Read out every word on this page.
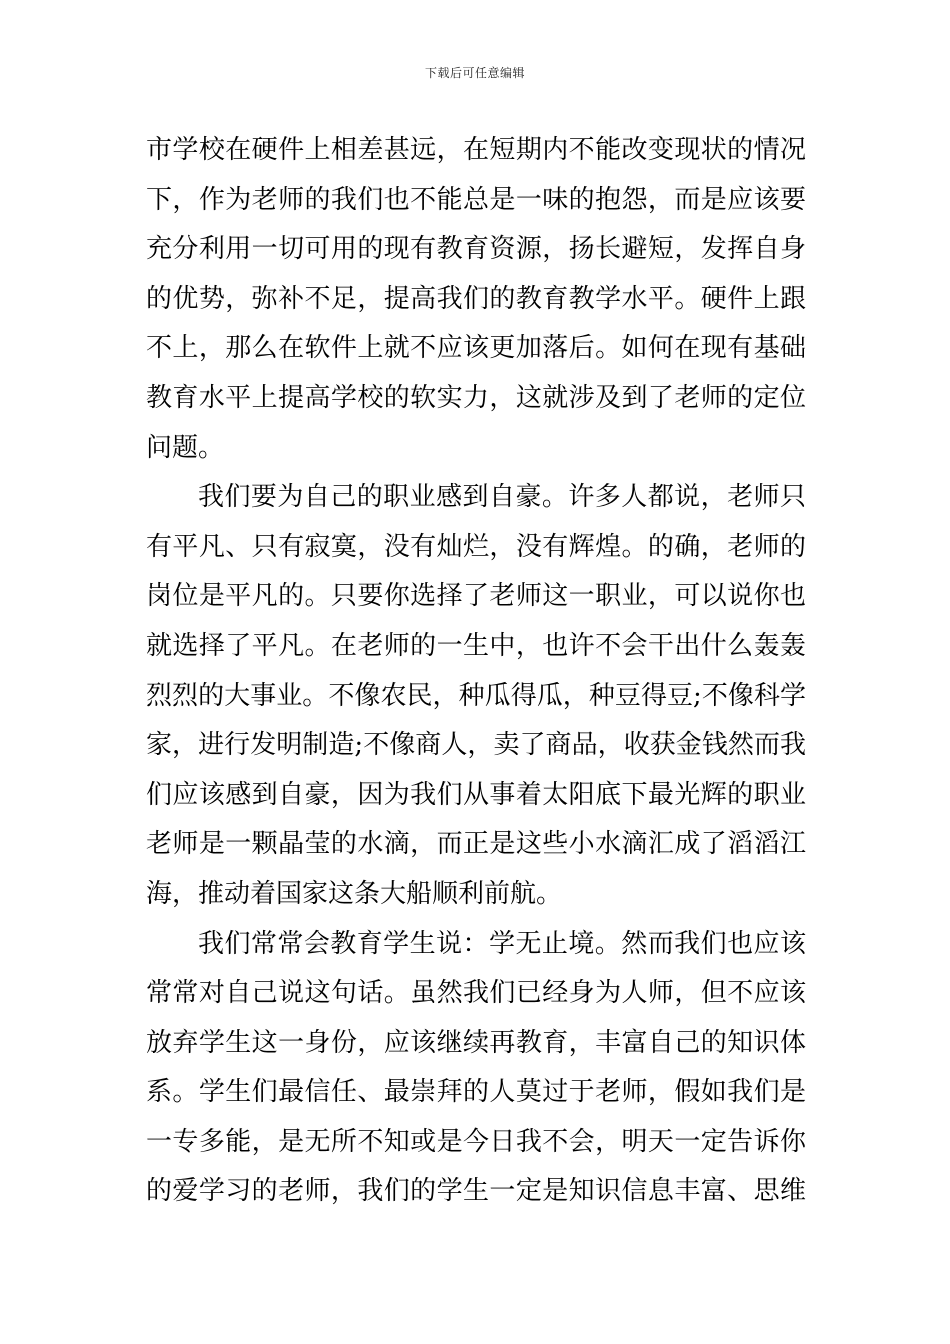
下载后可任意编辑
市学校在硬件上相差甚远，在短期内不能改变现状的情况
下，作为老师的我们也不能总是一味的抱怨，而是应该要
充分利用一切可用的现有教育资源，扬长避短，发挥自身
的优势，弥补不足，提高我们的教育教学水平。硬件上跟
不上，那么在软件上就不应该更加落后。如何在现有基础
教育水平上提高学校的软实力，这就涉及到了老师的定位
问题。
我们要为自己的职业感到自豪。许多人都说，老师只
有平凡、只有寂寞，没有灿烂，没有辉煌。的确，老师的
岗位是平凡的。只要你选择了老师这一职业，可以说你也
就选择了平凡。在老师的一生中，也许不会干出什么轰轰
烈烈的大事业。不像农民，种瓜得瓜，种豆得豆;不像科学
家，进行发明制造;不像商人，卖了商品，收获金钱然而我
们应该感到自豪，因为我们从事着太阳底下最光辉的职业
老师是一颗晶莹的水滴，而正是这些小水滴汇成了滔滔江
海，推动着国家这条大船顺利前航。
我们常常会教育学生说：学无止境。然而我们也应该
常常对自己说这句话。虽然我们已经身为人师，但不应该
放弃学生这一身份，应该继续再教育，丰富自己的知识体
系。学生们最信任、最崇拜的人莫过于老师，假如我们是
一专多能，是无所不知或是今日我不会，明天一定告诉你
的爱学习的老师，我们的学生一定是知识信息丰富、思维
